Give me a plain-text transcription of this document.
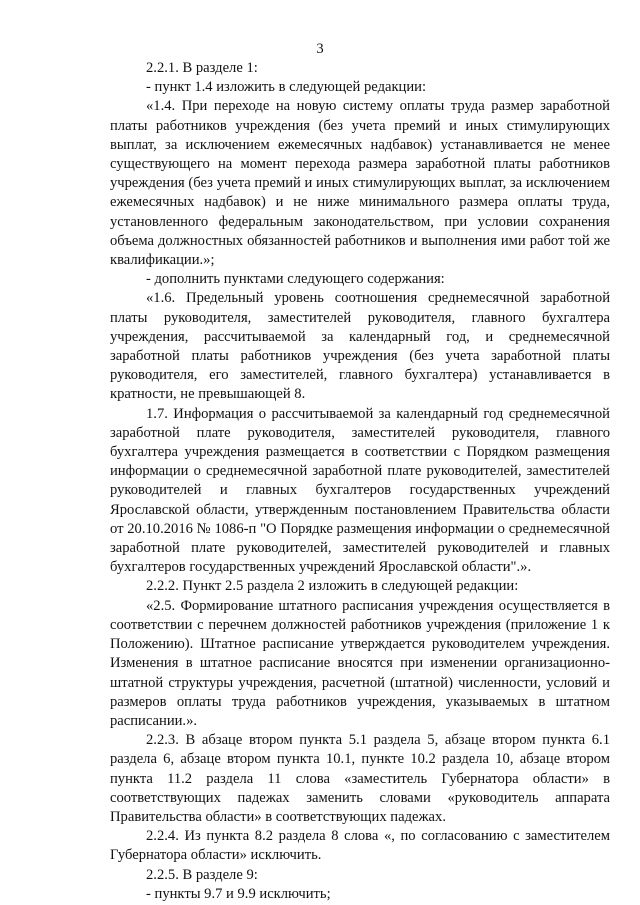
3

2.2.1. В разделе 1:

- пункт 1.4 изложить в следующей редакции:

«1.4. При переходе на новую систему оплаты труда размер заработной платы работников учреждения (без учета премий и иных стимулирующих выплат, за исключением ежемесячных надбавок) устанавливается не менее существующего на момент перехода размера заработной платы работников учреждения (без учета премий и иных стимулирующих выплат, за исключением ежемесячных надбавок) и не ниже минимального размера оплаты труда, установленного федеральным законодательством, при условии сохранения объема должностных обязанностей работников и выполнения ими работ той же квалификации.»;

- дополнить пунктами следующего содержания:

«1.6. Предельный уровень соотношения среднемесячной заработной платы руководителя, заместителей руководителя, главного бухгалтера учреждения, рассчитываемой за календарный год, и среднемесячной заработной платы работников учреждения (без учета заработной платы руководителя, его заместителей, главного бухгалтера) устанавливается в кратности, не превышающей 8.

1.7. Информация о рассчитываемой за календарный год среднемесячной заработной плате руководителя, заместителей руководителя, главного бухгалтера учреждения размещается в соответствии с Порядком размещения информации о среднемесячной заработной плате руководителей, заместителей руководителей и главных бухгалтеров государственных учреждений Ярославской области, утвержденным постановлением Правительства области от 20.10.2016 № 1086-п "О Порядке размещения информации о среднемесячной заработной плате руководителей, заместителей руководителей и главных бухгалтеров государственных учреждений Ярославской области".».

2.2.2. Пункт 2.5 раздела 2 изложить в следующей редакции:

«2.5. Формирование штатного расписания учреждения осуществляется в соответствии с перечнем должностей работников учреждения (приложение 1 к Положению). Штатное расписание утверждается руководителем учреждения. Изменения в штатное расписание вносятся при изменении организационно-штатной структуры учреждения, расчетной (штатной) численности, условий и размеров оплаты труда работников учреждения, указываемых в штатном расписании.».

2.2.3. В абзаце втором пункта 5.1 раздела 5, абзаце втором пункта 6.1 раздела 6, абзаце втором пункта 10.1, пункте 10.2 раздела 10, абзаце втором пункта 11.2 раздела 11 слова «заместитель Губернатора области» в соответствующих падежах заменить словами «руководитель аппарата Правительства области» в соответствующих падежах.

2.2.4. Из пункта 8.2 раздела 8 слова «, по согласованию с заместителем Губернатора области» исключить.

2.2.5. В разделе 9:

- пункты 9.7 и 9.9 исключить;
